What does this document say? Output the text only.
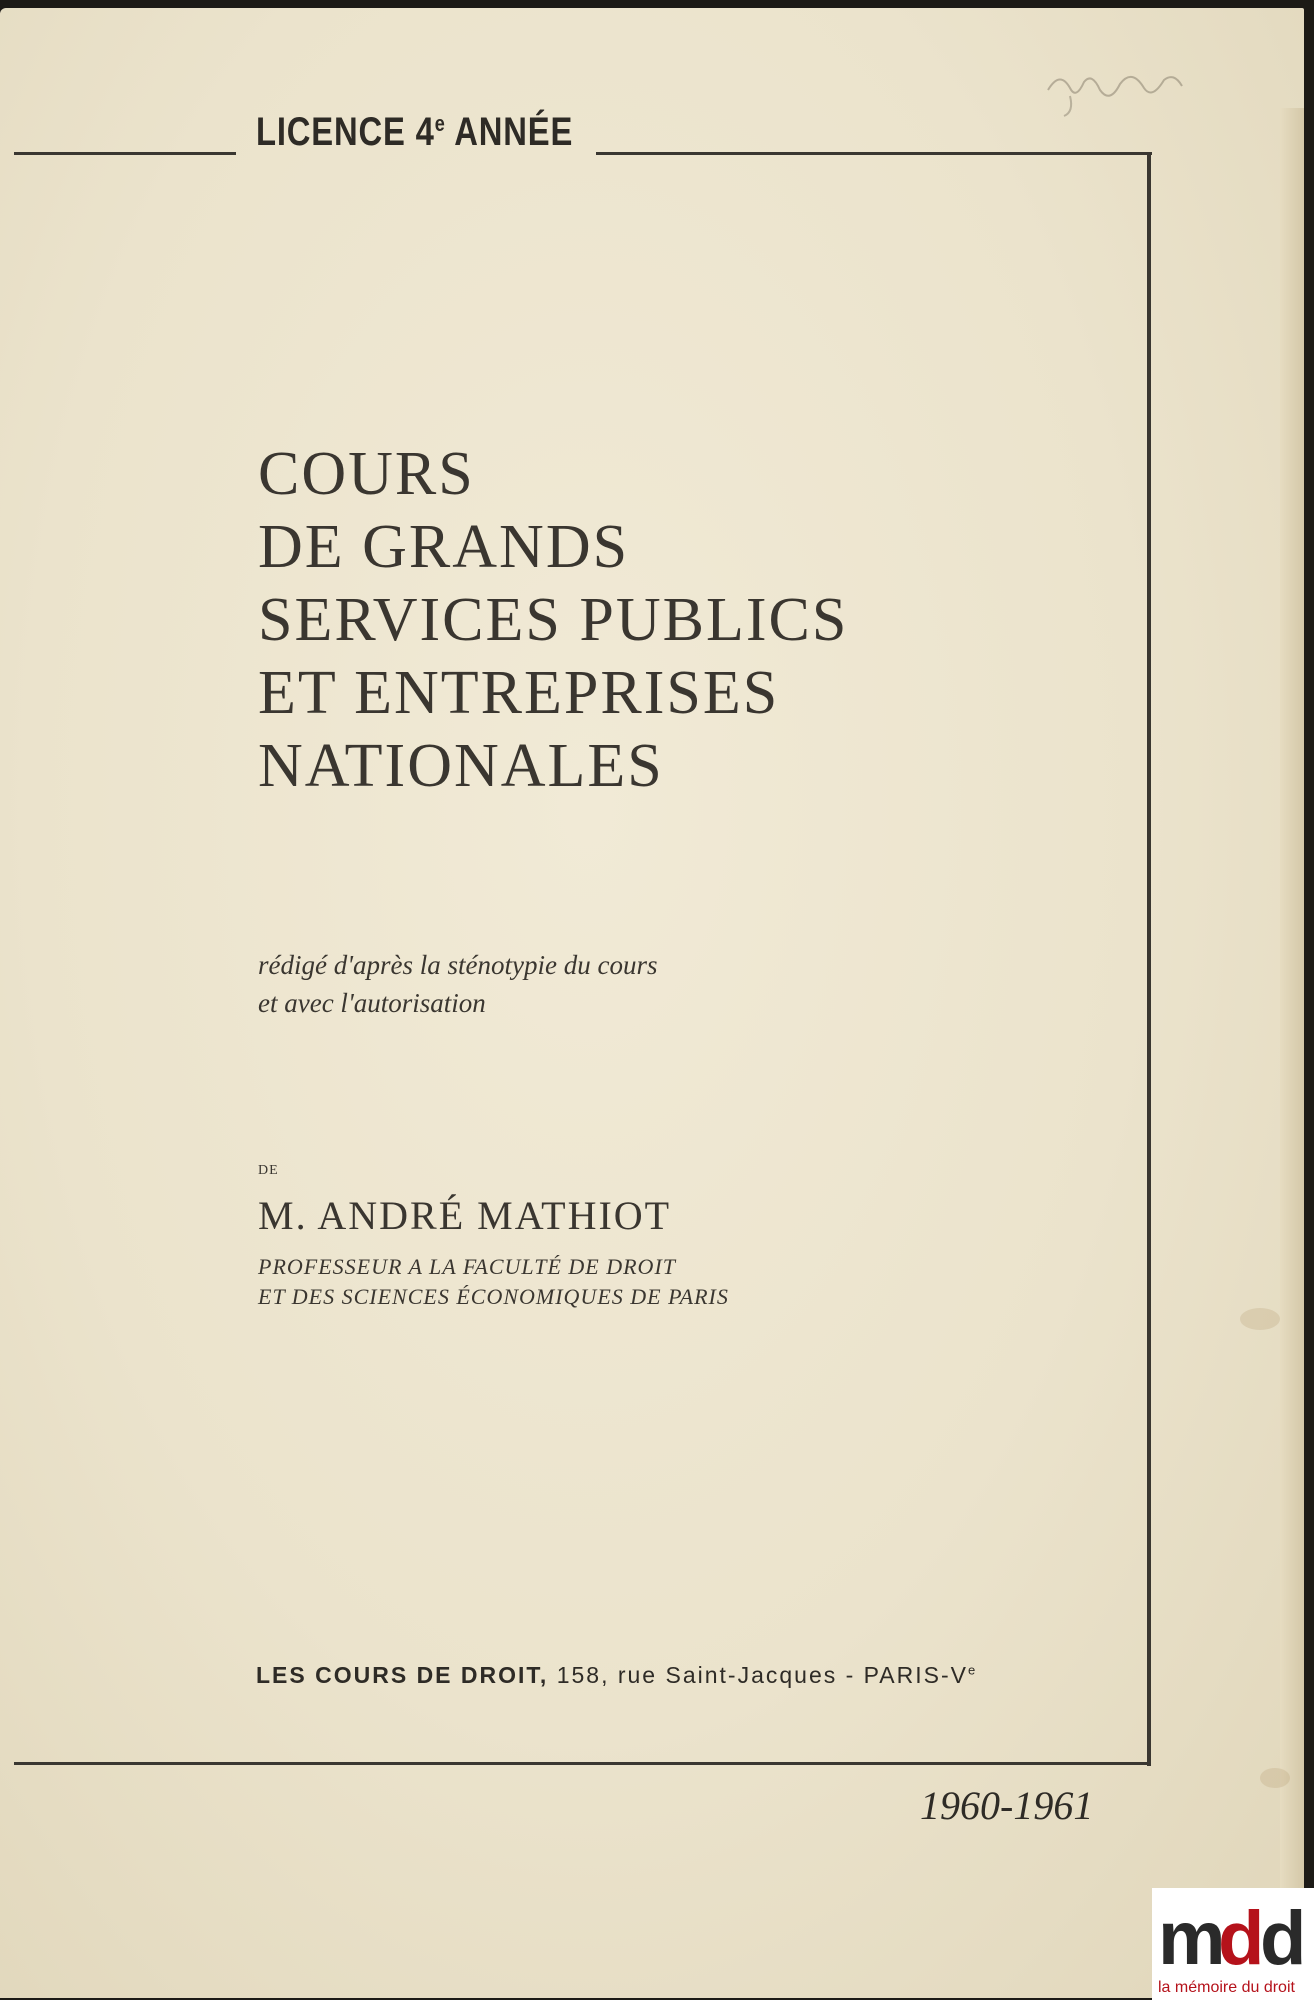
LICENCE 4e ANNÉE
COURS
DE GRANDS
SERVICES PUBLICS
ET ENTREPRISES
NATIONALES
rédigé d'après la sténotypie du cours
et avec l'autorisation
DE
M. ANDRÉ MATHIOT
PROFESSEUR A LA FACULTÉ DE DROIT
ET DES SCIENCES ÉCONOMIQUES DE PARIS
LES COURS DE DROIT, 158, rue Saint-Jacques - PARIS-Ve
1960-1961
m
d d
la mémoire du droit
